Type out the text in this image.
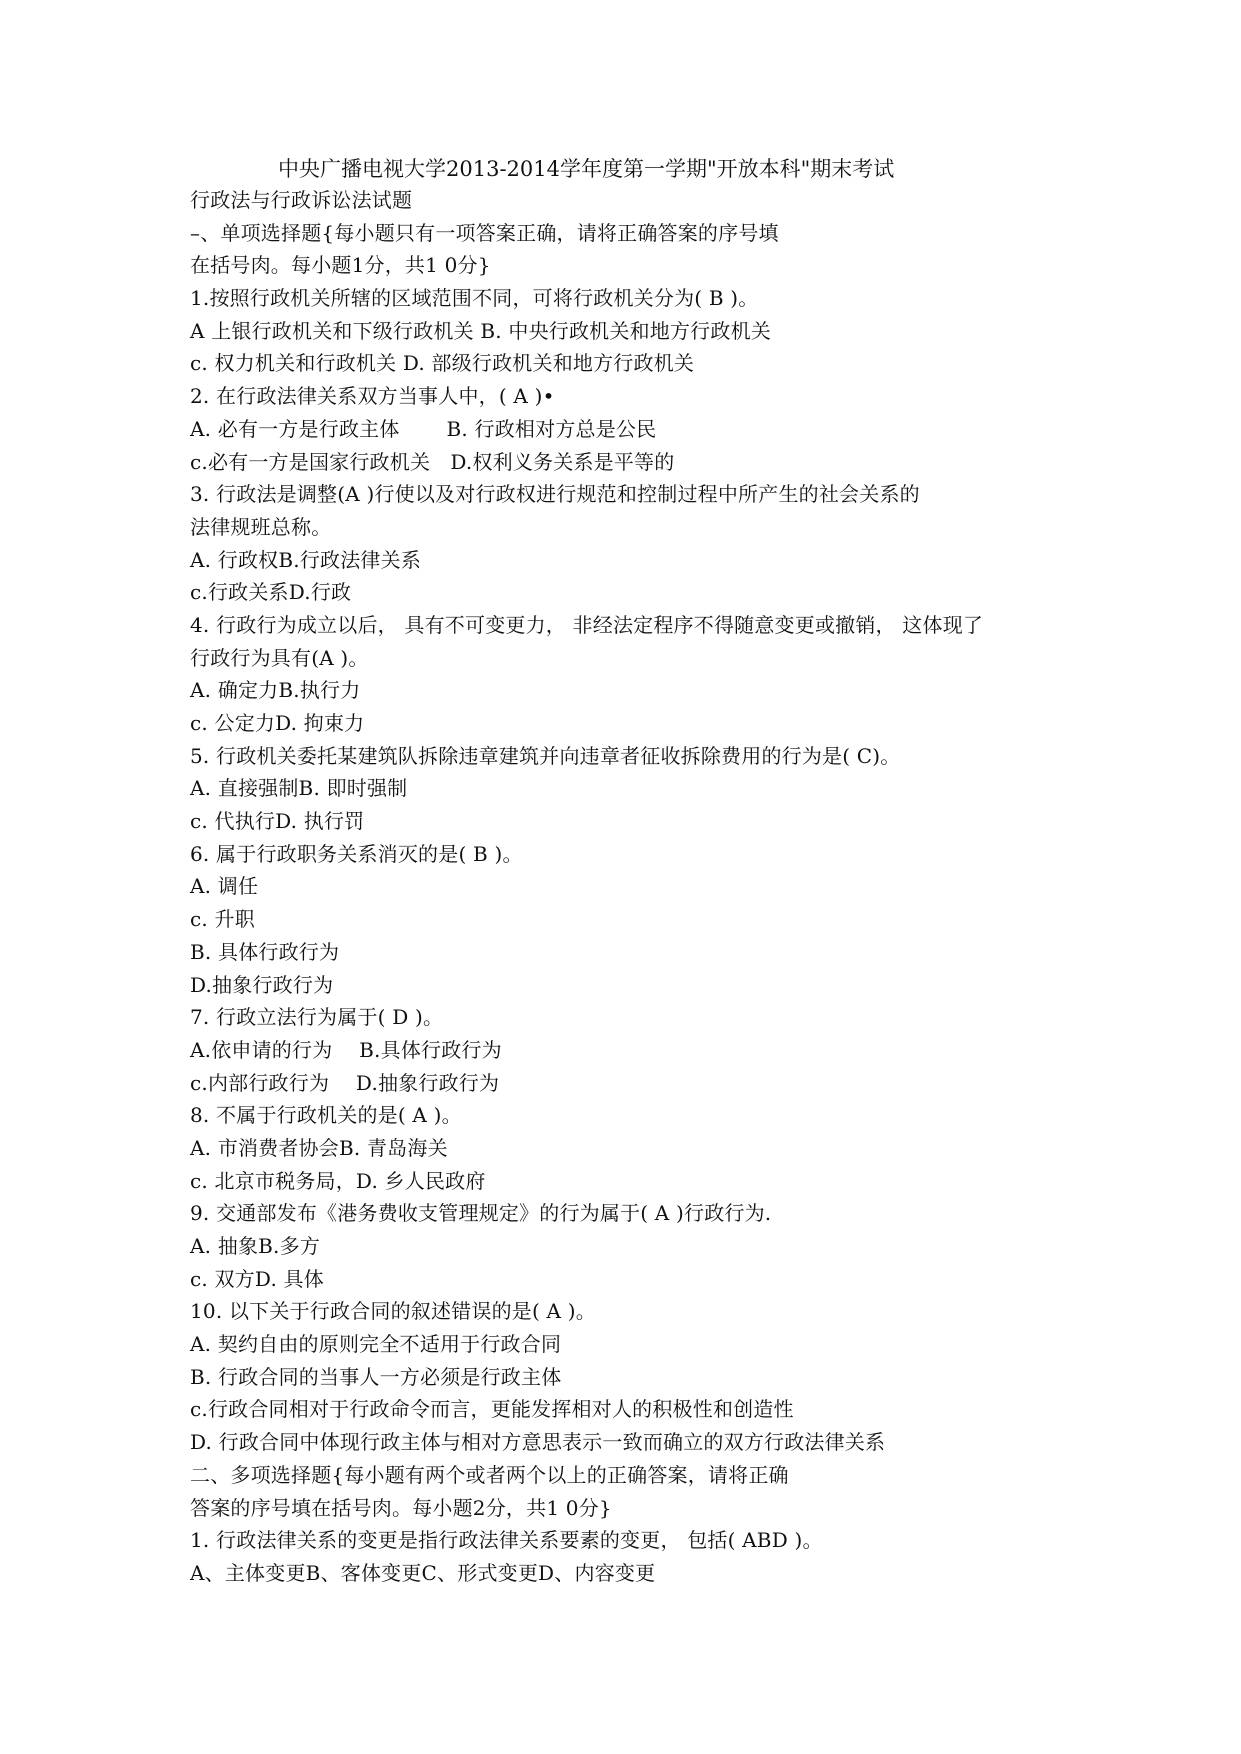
中央广播电视大学2013-2014学年度第一学期"开放本科"期末考试
行政法与行政诉讼法试题
–、单项选择题{每小题只有一项答案正确，请将正确答案的序号填
在括号肉。每小题1分，共1 0分}
1.按照行政机关所辖的区域范围不同，可将行政机关分为( B )。
A 上银行政机关和下级行政机关 B. 中央行政机关和地方行政机关
c. 权力机关和行政机关 D. 部级行政机关和地方行政机关
2. 在行政法律关系双方当事人中，( A )•
A. 必有一方是行政主体　　 B. 行政相对方总是公民
c.必有一方是国家行政机关　D.权利义务关系是平等的
3. 行政法是调整(A )行使以及对行政权进行规范和控制过程中所产生的社会关系的
法律规班总称。
A. 行政权B.行政法律关系
c.行政关系D.行政
4. 行政行为成立以后， 具有不可变更力， 非经法定程序不得随意变更或撤销， 这体现了
行政行为具有(A )。
A. 确定力B.执行力
c. 公定力D. 拘束力
5. 行政机关委托某建筑队拆除违章建筑并向违章者征收拆除费用的行为是( C)。
A. 直接强制B. 即时强制
c. 代执行D. 执行罚
6. 属于行政职务关系消灭的是( B )。
A. 调任
c. 升职
B. 具体行政行为
D.抽象行政行为
7. 行政立法行为属于( D )。
A.依申请的行为　 B.具体行政行为
c.内部行政行为　 D.抽象行政行为
8. 不属于行政机关的是( A )。
A. 市消费者协会B. 青岛海关
c. 北京市税务局，D. 乡人民政府
9. 交通部发布《港务费收支管理规定》的行为属于( A )行政行为.
A. 抽象B.多方
c. 双方D. 具体
10. 以下关于行政合同的叙述错误的是( A )。
A. 契约自由的原则完全不适用于行政合同
B. 行政合同的当事人一方必须是行政主体
c.行政合同相对于行政命令而言，更能发挥相对人的积极性和创造性
D. 行政合同中体现行政主体与相对方意思表示一致而确立的双方行政法律关系
二、多项选择题{每小题有两个或者两个以上的正确答案，请将正确
答案的序号填在括号肉。每小题2分，共1 0分}
1. 行政法律关系的变更是指行政法律关系要素的变更， 包括( ABD )。
A、主体变更B、客体变更C、形式变更D、内容变更
